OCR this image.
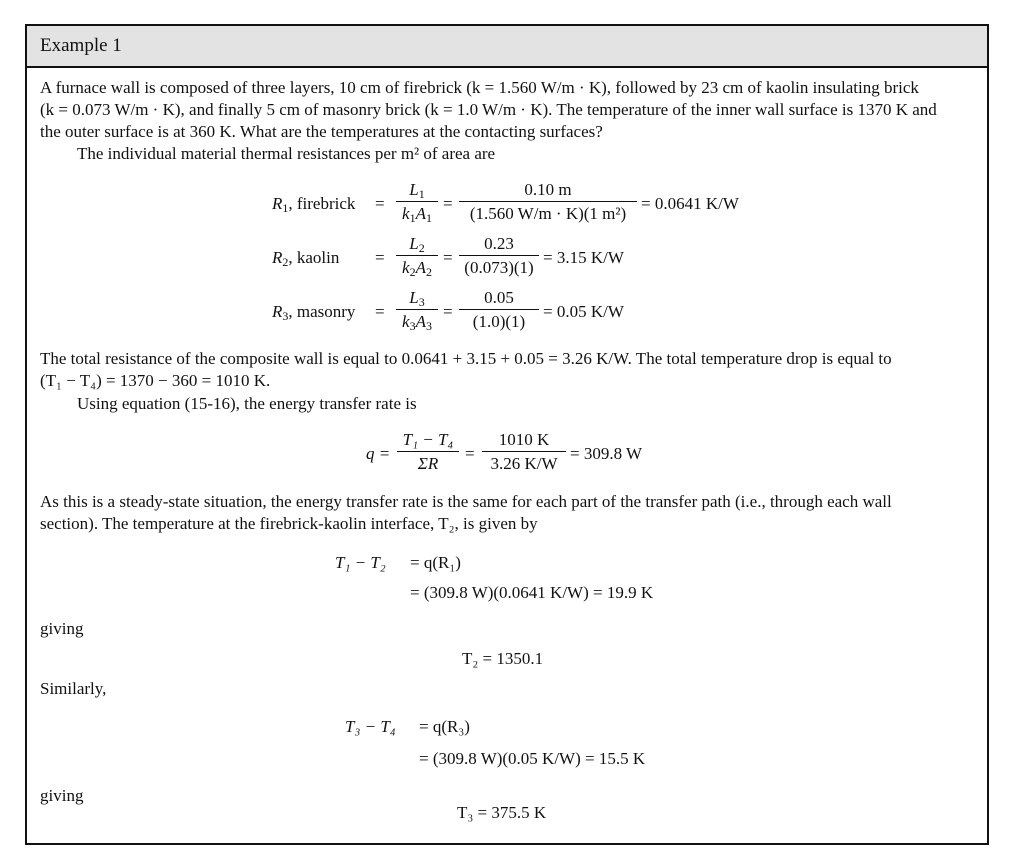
Example 1
A furnace wall is composed of three layers, 10 cm of firebrick (k = 1.560 W/m · K), followed by 23 cm of kaolin insulating brick
(k = 0.073 W/m · K), and finally 5 cm of masonry brick (k = 1.0 W/m · K). The temperature of the inner wall surface is 1370 K and
the outer surface is at 360 K. What are the temperatures at the contacting surfaces?
The individual material thermal resistances per m² of area are
$R_1$, firebrick = $\frac{L_1}{k_1A_1} = \frac{0.10 m}{\text{(1.560 W/m · K)(1 m²)}} = 0.0641$ K/W
$R_2$, kaolin = $\frac{L_2}{k_2A_2} = \frac{0.23}{(0.073)(1)} = 3.15$ K/W
$R_3$, masonry = $\frac{L_3}{k_3A_3} = \frac{0.05}{(1.0)(1)} = 0.05$ K/W
The total resistance of the composite wall is equal to 0.0641 + 3.15 + 0.05 = 3.26 K/W. The total temperature drop is equal to
(T₁ − T₄) = 1370 − 360 = 1010 K.
Using equation (15-16), the energy transfer rate is
$q = \frac{\text{T₁ − T₄}}{\Sigma R} = \frac{1010 K}{3.26 K/W} = 309.8$ W
As this is a steady-state situation, the energy transfer rate is the same for each part of the transfer path (i.e., through each wall
section). The temperature at the firebrick-kaolin interface, T₂, is given by
T₁ − T₂ = q(R₁)
= (309.8 W)(0.0641 K/W) = 19.9 K
giving
T₂ = 1350.1
Similarly,
T₃ − T₄ = q(R₃)
= (309.8 W)(0.05 K/W) = 15.5 K
giving
T₃ = 375.5 K
